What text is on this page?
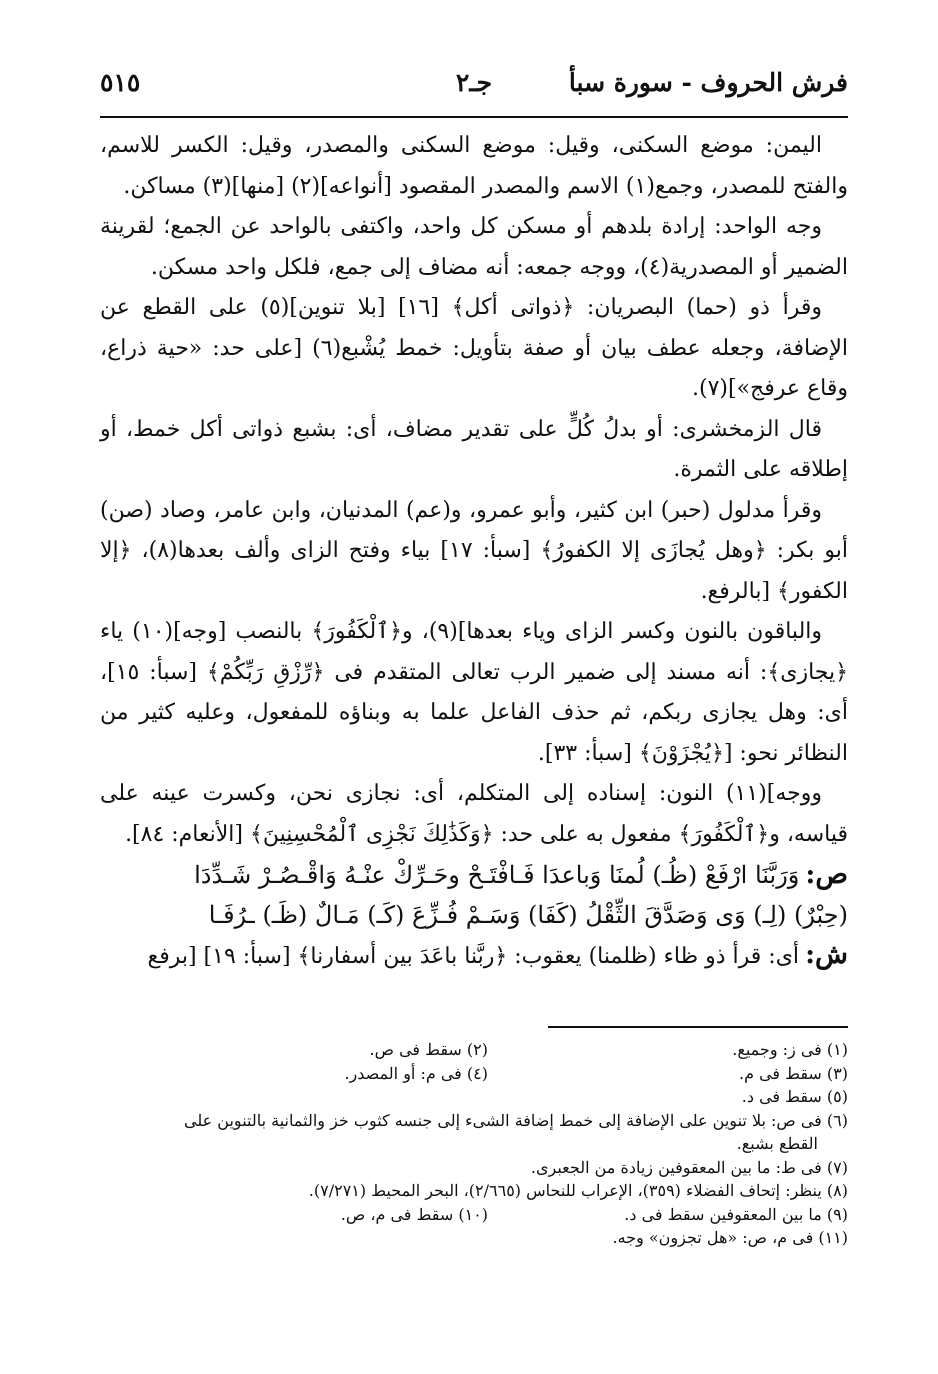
فرش الحروف - سورة سبأ
جـ٢
٥١٥

اليمن: موضع السكنى، وقيل: موضع السكنى والمصدر، وقيل: الكسر للاسم، والفتح للمصدر، وجمع(١) الاسم والمصدر المقصود [أنواعه](٢) [منها](٣) مساكن.

وجه الواحد: إرادة بلدهم أو مسكن كل واحد، واكتفى بالواحد عن الجمع؛ لقرينة الضمير أو المصدرية(٤)، ووجه جمعه: أنه مضاف إلى جمع، فلكل واحد مسكن.

وقرأ ذو (حما) البصريان: ﴿ذواتى أكل﴾ [١٦] [بلا تنوين](٥) على القطع عن الإضافة، وجعله عطف بيان أو صفة بتأويل: خمط يُشْبع(٦) [على حد: «حية ذراع، وقاع عرفج»](٧).

قال الزمخشرى: أو بدلُ كُلٍّ على تقدير مضاف، أى: بشبع ذواتى أكل خمط، أو إطلاقه على الثمرة.

وقرأ مدلول (حبر) ابن كثير، وأبو عمرو، و(عم) المدنيان، وابن عامر، وصاد (صن) أبو بكر: ﴿وهل يُجازَى إلا الكفورُ﴾ [سبأ: ١٧] بياء وفتح الزاى وألف بعدها(٨)، ﴿إلا الكفور﴾ [بالرفع.

والباقون بالنون وكسر الزاى وياء بعدها](٩)، و﴿ٱلْكَفُورَ﴾ بالنصب [وجه](١٠) ياء ﴿يجازى﴾: أنه مسند إلى ضمير الرب تعالى المتقدم فى ﴿رِّزْقِ رَبِّكُمْ﴾ [سبأ: ١٥]، أى: وهل يجازى ربكم، ثم حذف الفاعل علما به وبناؤه للمفعول، وعليه كثير من النظائر نحو: [﴿يُجْزَوْنَ﴾ [سبأ: ٣٣].

ووجه](١١) النون: إسناده إلى المتكلم، أى: نجازى نحن، وكسرت عينه على قياسه، و﴿ٱلْكَفُورَ﴾ مفعول به على حد: ﴿وَكَذَٰلِكَ نَجْزِى ٱلْمُحْسِنِينَ﴾ [الأنعام: ٨٤].

ص:وَرَبَّنَا ارْفَعْ (ظُـ) لُمنَا وَباعدَا فَـافْتَـحْ وحَـرِّكْ عنْـهُ وَاقْـصُـرْ شَـدِّدَا

(حِبْرٌ) (لِـ) وَى وَصَدَّقَ الثِّقْلُ (كَفَا) وَسَـمْ فُـزِّعَ (كَـ) مَـالٌ (ظَـ) ـرُفَـا

ش:أى: قرأ ذو ظاء (ظلمنا) يعقوب: ﴿ربَّنا باعَدَ بين أسفارنا﴾ [سبأ: ١٩] [برفع

(١) فى ز: وجميع.
(٢) سقط فى ص.
(٣) سقط فى م.
(٤) فى م: أو المصدر.
(٥) سقط فى د.
(٦) فى ص: بلا تنوين على الإضافة إلى خمط إضافة الشىء إلى جنسه كثوب خز والثمانية بالتنوين على
القطع بشبع.
(٧) فى ط: ما بين المعقوفين زيادة من الجعبرى.
(٨) ينظر: إتحاف الفضلاء (٣٥٩)، الإعراب للنحاس (٢/٦٦٥)، البحر المحيط (٧/٢٧١).
(٩) ما بين المعقوفين سقط فى د.
(١٠) سقط فى م، ص.
(١١) فى م، ص: «هل تجزون» وجه.
